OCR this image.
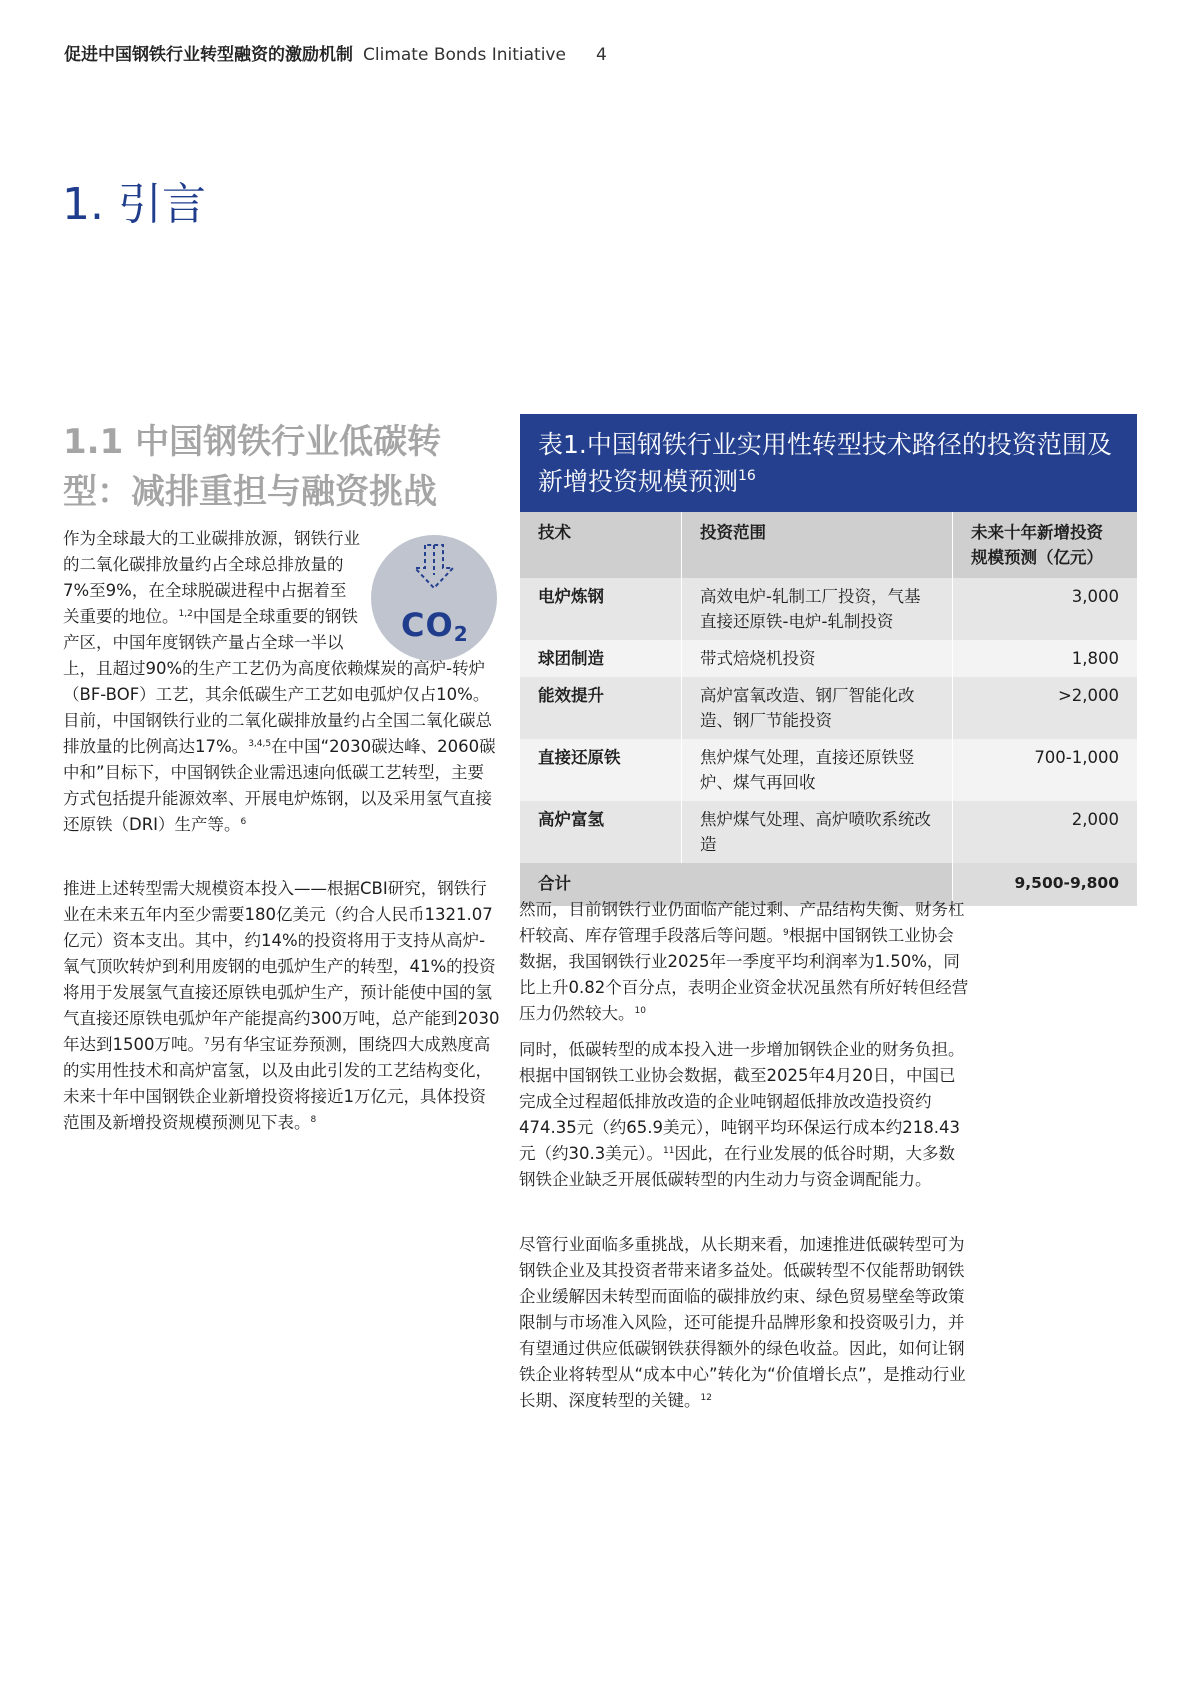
促进中国钢铁行业转型融资的激励机制 Climate Bonds Initiative 4
1. 引言
1.1 中国钢铁行业低碳转型：减排重担与融资挑战
$CO_2$

作为全球最大的工业碳排放源，钢铁行业的二氧化碳排放量约占全球总排放量的7%至9%，在全球脱碳进程中占据着至关重要的地位。$^{1,2}$中国是全球重要的钢铁产区，中国年度钢铁产量占全球一半以上，且超过90%的生产工艺仍为高度依赖煤炭的高炉-转炉（BF-BOF）工艺，其余低碳生产工艺如电弧炉仅占10%。目前，中国钢铁行业的二氧化碳排放量约占全国二氧化碳总排放量的比例高达17%。$^{3,4,5}$在中国“2030碳达峰、2060碳中和”目标下，中国钢铁企业需迅速向低碳工艺转型，主要方式包括提升能源效率、开展电炉炼钢，以及采用氢气直接还原铁（DRI）生产等。$^6$

推进上述转型需大规模资本投入——根据CBI研究，钢铁行业在未来五年内至少需要180亿美元（约合人民币1321.07亿元）资本支出。其中，约14%的投资将用于支持从高炉-氧气顶吹转炉到利用废钢的电弧炉生产的转型，41%的投资将用于发展氢气直接还原铁电弧炉生产，预计能使中国的氢气直接还原铁电弧炉年产能提高约300万吨，总产能到2030年达到1500万吨。$^7$另有华宝证券预测，围绕四大成熟度高的实用性技术和高炉富氢，以及由此引发的工艺结构变化，未来十年中国钢铁企业新增投资将接近1万亿元，具体投资范围及新增投资规模预测见下表。$^8$

表1.中国钢铁行业实用性转型技术路径的投资范围及新增投资规模预测$^{16}$
技术	投资范围	未来十年新增投资规模预测（亿元）
电炉炼钢	高效电炉-轧制工厂投资，气基直接还原铁-电炉-轧制投资	3,000
球团制造	带式焙烧机投资	1,800
能效提升	高炉富氧改造、钢厂智能化改造、钢厂节能投资	>2,000
直接还原铁	焦炉煤气处理，直接还原铁竖炉、煤气再回收	700-1,000
高炉富氢	焦炉煤气处理、高炉喷吹系统改造	2,000
合计		9,500-9,800

然而，目前钢铁行业仍面临产能过剩、产品结构失衡、财务杠杆较高、库存管理手段落后等问题。$^9$根据中国钢铁工业协会数据，我国钢铁行业2025年一季度平均利润率为1.50%，同比上升0.82个百分点，表明企业资金状况虽然有所好转但经营压力仍然较大。$^{10}$

同时，低碳转型的成本投入进一步增加钢铁企业的财务负担。根据中国钢铁工业协会数据，截至2025年4月20日，中国已完成全过程超低排放改造的企业吨钢超低排放改造投资约474.35元（约65.9美元），吨钢平均环保运行成本约218.43元（约30.3美元）。$^{11}$因此，在行业发展的低谷时期，大多数钢铁企业缺乏开展低碳转型的内生动力与资金调配能力。

尽管行业面临多重挑战，从长期来看，加速推进低碳转型可为钢铁企业及其投资者带来诸多益处。低碳转型不仅能帮助钢铁企业缓解因未转型而面临的碳排放约束、绿色贸易壁垒等政策限制与市场准入风险，还可能提升品牌形象和投资吸引力，并有望通过供应低碳钢铁获得额外的绿色收益。因此，如何让钢铁企业将转型从“成本中心”转化为“价值增长点”，是推动行业长期、深度转型的关键。$^{12}$
